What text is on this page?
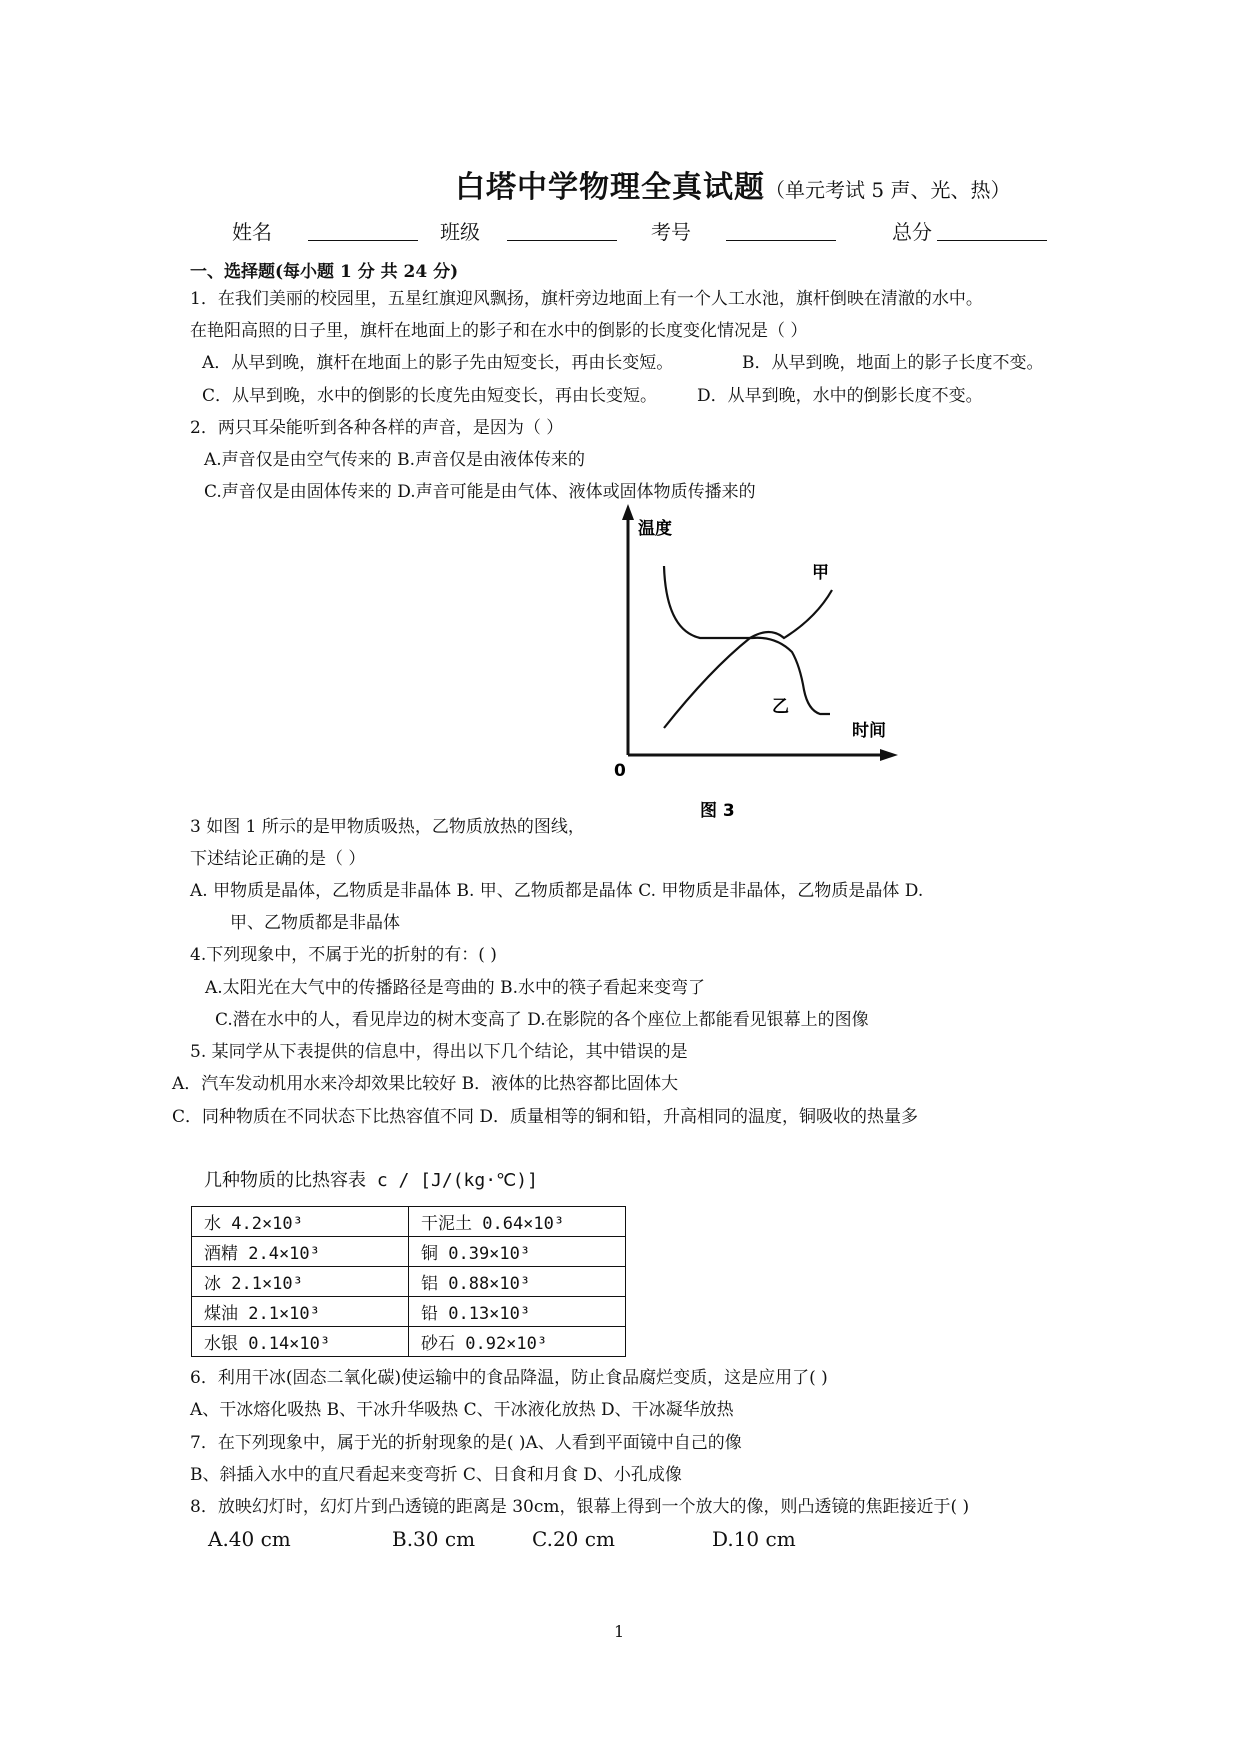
白塔中学物理全真试题（单元考试 5 声、光、热）
姓名	班级	考号	总分
一、选择题(每小题 1 分 共 24 分)
1．在我们美丽的校园里，五星红旗迎风飘扬，旗杆旁边地面上有一个人工水池，旗杆倒映在清澈的水中。
在艳阳高照的日子里，旗杆在地面上的影子和在水中的倒影的长度变化情况是（ ）
A．从早到晚，旗杆在地面上的影子先由短变长，再由长变短。	B．从早到晚，地面上的影子长度不变。
C．从早到晚，水中的倒影的长度先由短变长，再由长变短。 D．从早到晚，水中的倒影长度不变。
2．两只耳朵能听到各种各样的声音，是因为（ ）
A.声音仅是由空气传来的 B.声音仅是由液体传来的
C.声音仅是由固体传来的 D.声音可能是由气体、液体或固体物质传播来的
温度
时间
0
甲
乙
图 3
3 如图 1 所示的是甲物质吸热，乙物质放热的图线，
下述结论正确的是（ ）
A. 甲物质是晶体，乙物质是非晶体 B. 甲、乙物质都是晶体 C. 甲物质是非晶体，乙物质是晶体 D.
甲、乙物质都是非晶体
4.下列现象中，不属于光的折射的有：( )
A.太阳光在大气中的传播路径是弯曲的 B.水中的筷子看起来变弯了
C.潜在水中的人，看见岸边的树木变高了 D.在影院的各个座位上都能看见银幕上的图像
5. 某同学从下表提供的信息中，得出以下几个结论，其中错误的是
A．汽车发动机用水来冷却效果比较好 B．液体的比热容都比固体大
C．同种物质在不同状态下比热容值不同 D．质量相等的铜和铅，升高相同的温度，铜吸收的热量多
几种物质的比热容表 c / [J/(kg·℃)]
水 4.2×10³	干泥土 0.64×10³
酒精 2.4×10³	铜 0.39×10³
冰 2.1×10³	铝 0.88×10³
煤油 2.1×10³	铅 0.13×10³
水银 0.14×10³	砂石 0.92×10³
6．利用干冰(固态二氧化碳)使运输中的食品降温，防止食品腐烂变质，这是应用了( )
A、干冰熔化吸热 B、干冰升华吸热 C、干冰液化放热 D、干冰凝华放热
7．在下列现象中，属于光的折射现象的是( )A、人看到平面镜中自己的像
B、斜插入水中的直尺看起来变弯折 C、日食和月食 D、小孔成像
8．放映幻灯时，幻灯片到凸透镜的距离是 30cm，银幕上得到一个放大的像，则凸透镜的焦距接近于( )
A.40 cm	B.30 cm	C.20 cm	D.10 cm
1
